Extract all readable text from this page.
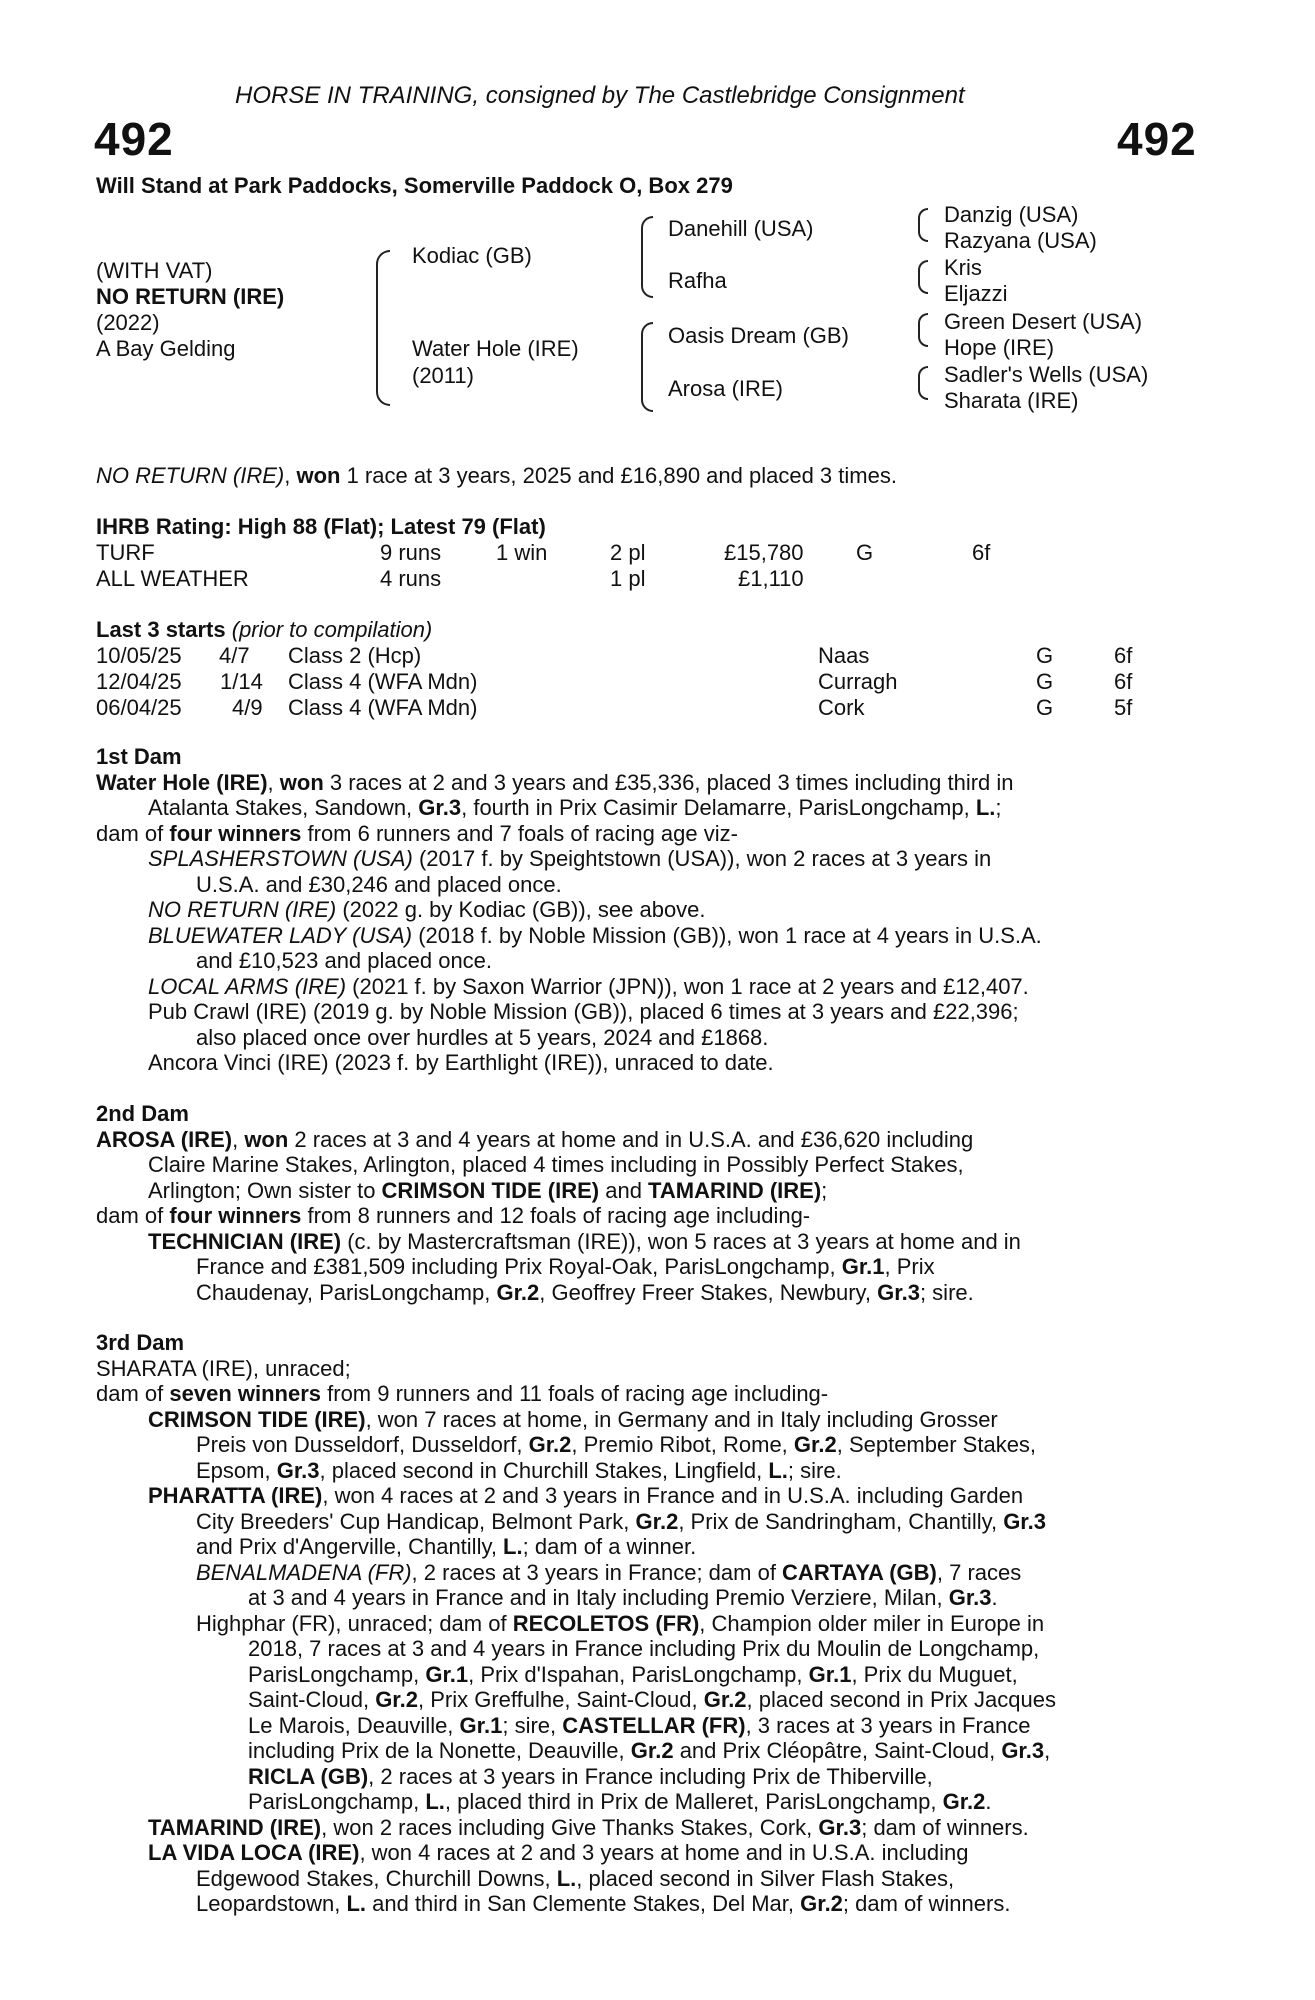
HORSE IN TRAINING, consigned by The Castlebridge Consignment
492	492
Will Stand at Park Paddocks, Somerville Paddock O, Box 279
(WITH VAT)
NO RETURN (IRE)
(2022)
A Bay Gelding
Kodiac (GB)
Water Hole (IRE)
(2011)
Danehill (USA)
Rafha
Oasis Dream (GB)
Arosa (IRE)
Danzig (USA)
Razyana (USA)
Kris
Eljazzi
Green Desert (USA)
Hope (IRE)
Sadler's Wells (USA)
Sharata (IRE)
NO RETURN (IRE), won 1 race at 3 years, 2025 and £16,890 and placed 3 times.
IHRB Rating: High 88 (Flat); Latest 79 (Flat)
TURF	9 runs 1 win	2 pl	£15,780 G	6f
ALL WEATHER	4 runs	1 pl	£1,110
Last 3 starts (prior to compilation)
10/05/25 4/7 Class 2 (Hcp)	Naas	G	6f
12/04/25 1/14 Class 4 (WFA Mdn)	Curragh	G	6f
06/04/25 4/9 Class 4 (WFA Mdn)	Cork	G	5f
1st Dam
Water Hole (IRE), won 3 races at 2 and 3 years and £35,336, placed 3 times including third in
Atalanta Stakes, Sandown, Gr.3, fourth in Prix Casimir Delamarre, ParisLongchamp, L.;
dam of four winners from 6 runners and 7 foals of racing age viz-
SPLASHERSTOWN (USA) (2017 f. by Speightstown (USA)), won 2 races at 3 years in
U.S.A. and £30,246 and placed once.
NO RETURN (IRE) (2022 g. by Kodiac (GB)), see above.
BLUEWATER LADY (USA) (2018 f. by Noble Mission (GB)), won 1 race at 4 years in U.S.A.
and £10,523 and placed once.
LOCAL ARMS (IRE) (2021 f. by Saxon Warrior (JPN)), won 1 race at 2 years and £12,407.
Pub Crawl (IRE) (2019 g. by Noble Mission (GB)), placed 6 times at 3 years and £22,396;
also placed once over hurdles at 5 years, 2024 and £1868.
Ancora Vinci (IRE) (2023 f. by Earthlight (IRE)), unraced to date.
2nd Dam
AROSA (IRE), won 2 races at 3 and 4 years at home and in U.S.A. and £36,620 including
Claire Marine Stakes, Arlington, placed 4 times including in Possibly Perfect Stakes,
Arlington; Own sister to CRIMSON TIDE (IRE) and TAMARIND (IRE);
dam of four winners from 8 runners and 12 foals of racing age including-
TECHNICIAN (IRE) (c. by Mastercraftsman (IRE)), won 5 races at 3 years at home and in
France and £381,509 including Prix Royal-Oak, ParisLongchamp, Gr.1, Prix
Chaudenay, ParisLongchamp, Gr.2, Geoffrey Freer Stakes, Newbury, Gr.3; sire.
3rd Dam
SHARATA (IRE), unraced;
dam of seven winners from 9 runners and 11 foals of racing age including-
CRIMSON TIDE (IRE), won 7 races at home, in Germany and in Italy including Grosser
Preis von Dusseldorf, Dusseldorf, Gr.2, Premio Ribot, Rome, Gr.2, September Stakes,
Epsom, Gr.3, placed second in Churchill Stakes, Lingfield, L.; sire.
PHARATTA (IRE), won 4 races at 2 and 3 years in France and in U.S.A. including Garden
City Breeders' Cup Handicap, Belmont Park, Gr.2, Prix de Sandringham, Chantilly, Gr.3
and Prix d'Angerville, Chantilly, L.; dam of a winner.
BENALMADENA (FR), 2 races at 3 years in France; dam of CARTAYA (GB), 7 races
at 3 and 4 years in France and in Italy including Premio Verziere, Milan, Gr.3.
Highphar (FR), unraced; dam of RECOLETOS (FR), Champion older miler in Europe in
2018, 7 races at 3 and 4 years in France including Prix du Moulin de Longchamp,
ParisLongchamp, Gr.1, Prix d'Ispahan, ParisLongchamp, Gr.1, Prix du Muguet,
Saint-Cloud, Gr.2, Prix Greffulhe, Saint-Cloud, Gr.2, placed second in Prix Jacques
Le Marois, Deauville, Gr.1; sire, CASTELLAR (FR), 3 races at 3 years in France
including Prix de la Nonette, Deauville, Gr.2 and Prix Cléopâtre, Saint-Cloud, Gr.3,
RICLA (GB), 2 races at 3 years in France including Prix de Thiberville,
ParisLongchamp, L., placed third in Prix de Malleret, ParisLongchamp, Gr.2.
TAMARIND (IRE), won 2 races including Give Thanks Stakes, Cork, Gr.3; dam of winners.
LA VIDA LOCA (IRE), won 4 races at 2 and 3 years at home and in U.S.A. including
Edgewood Stakes, Churchill Downs, L., placed second in Silver Flash Stakes,
Leopardstown, L. and third in San Clemente Stakes, Del Mar, Gr.2; dam of winners.
